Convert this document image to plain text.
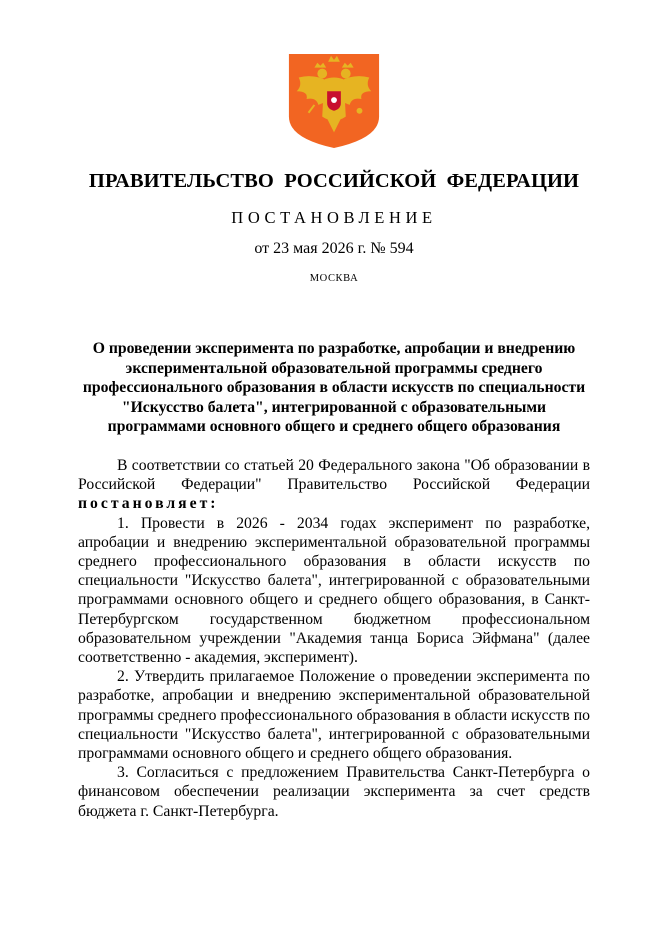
ПРАВИТЕЛЬСТВО РОССИЙСКОЙ ФЕДЕРАЦИИ
ПОСТАНОВЛЕНИЕ
от 23 мая 2026 г. № 594
МОСКВА
О проведении эксперимента по разработке, апробации и внедрению экспериментальной образовательной программы среднего профессионального образования в области искусств по специальности "Искусство балета", интегрированной с образовательными программами основного общего и среднего общего образования

В соответствии со статьей 20 Федерального закона "Об образовании в Российской Федерации" Правительство Российской Федерации постановляет:

1. Провести в 2026 - 2034 годах эксперимент по разработке, апробации и внедрению экспериментальной образовательной программы среднего профессионального образования в области искусств по специальности "Искусство балета", интегрированной с образовательными программами основного общего и среднего общего образования, в Санкт-Петербургском государственном бюджетном профессиональном образовательном учреждении "Академия танца Бориса Эйфмана" (далее соответственно - академия, эксперимент).

2. Утвердить прилагаемое Положение о проведении эксперимента по разработке, апробации и внедрению экспериментальной образовательной программы среднего профессионального образования в области искусств по специальности "Искусство балета", интегрированной с образовательными программами основного общего и среднего общего образования.

3. Согласиться с предложением Правительства Санкт-Петербурга о финансовом обеспечении реализации эксперимента за счет средств бюджета г. Санкт-Петербурга.
